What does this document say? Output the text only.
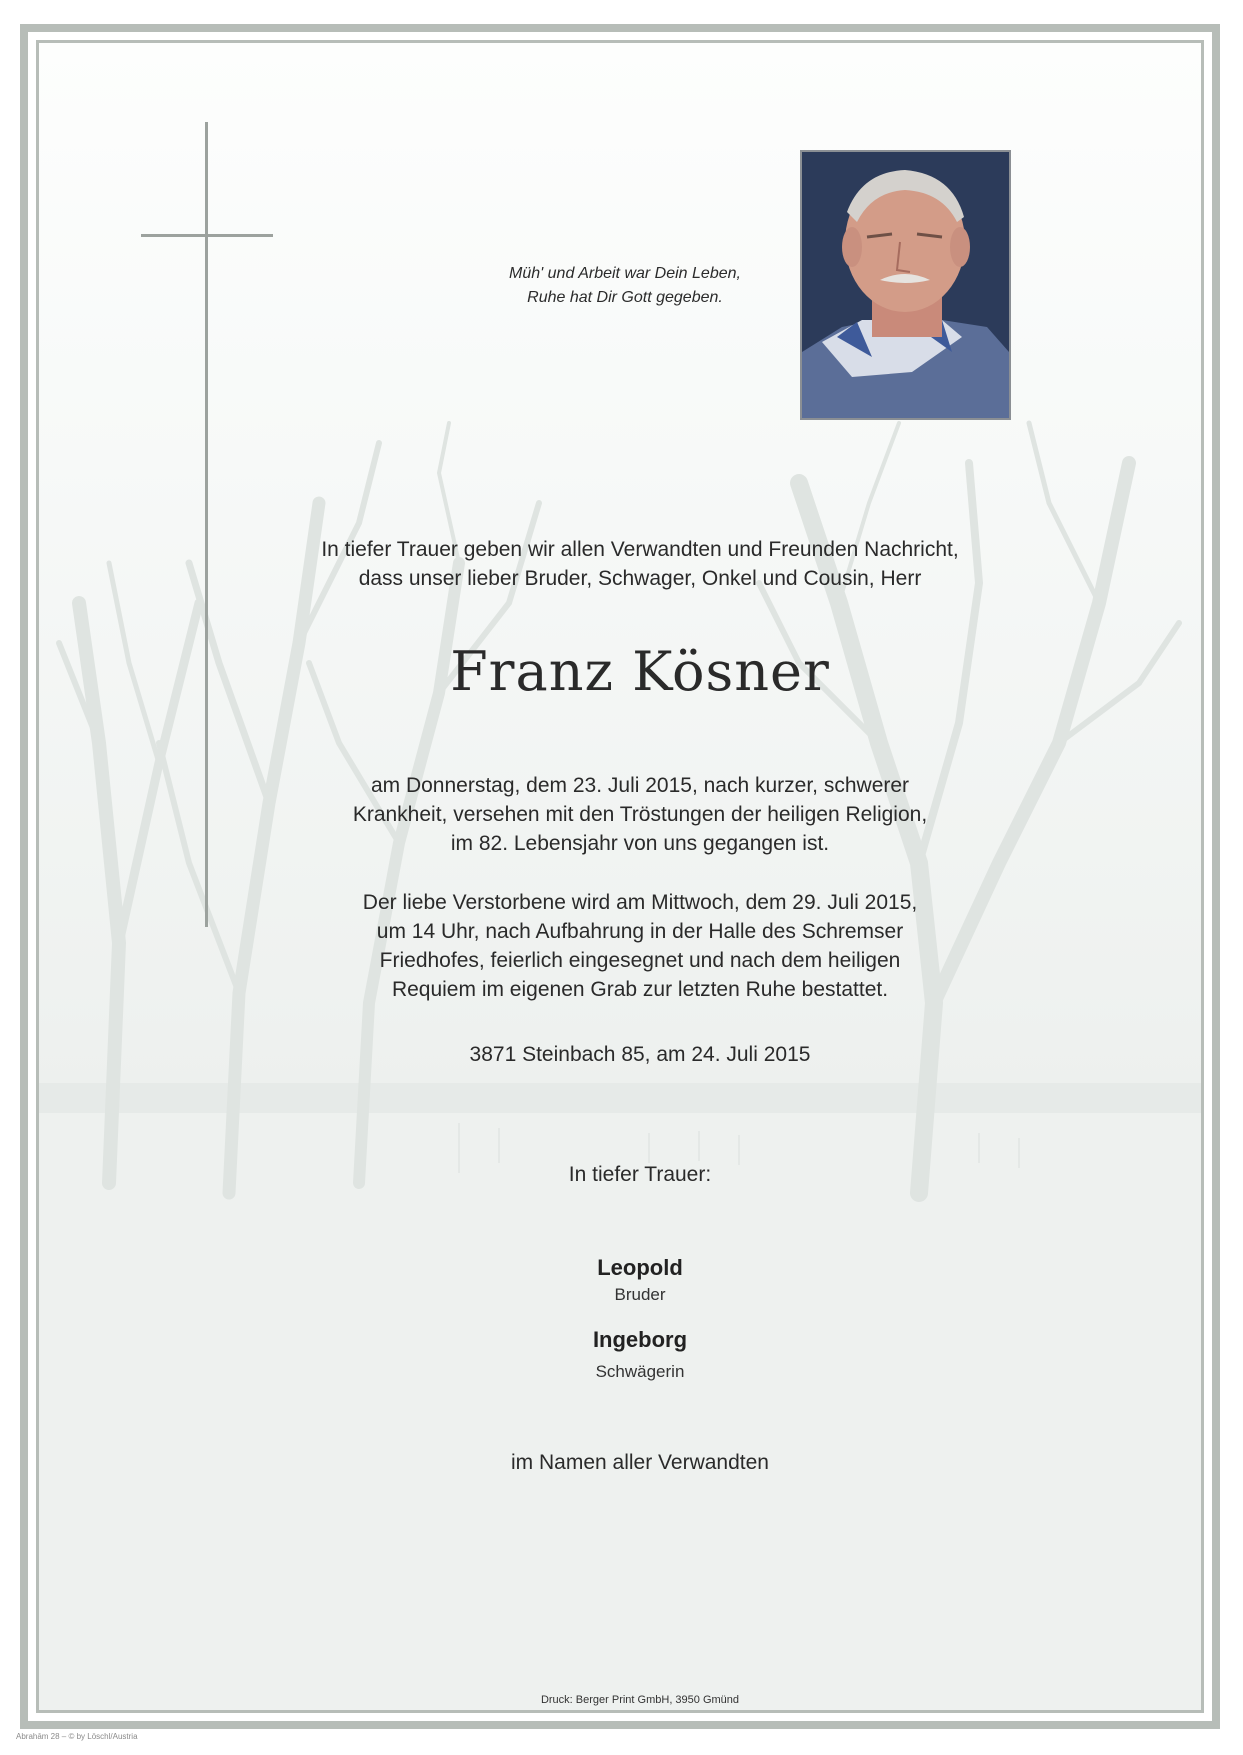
Müh' und Arbeit war Dein Leben,
Ruhe hat Dir Gott gegeben.
In tiefer Trauer geben wir allen Verwandten und Freunden Nachricht,
dass unser lieber Bruder, Schwager, Onkel und Cousin, Herr
Franz Kösner
am Donnerstag, dem 23. Juli 2015, nach kurzer, schwerer
Krankheit, versehen mit den Tröstungen der heiligen Religion,
im 82. Lebensjahr von uns gegangen ist.
Der liebe Verstorbene wird am Mittwoch, dem 29. Juli 2015,
um 14 Uhr, nach Aufbahrung in der Halle des Schremser
Friedhofes, feierlich eingesegnet und nach dem heiligen
Requiem im eigenen Grab zur letzten Ruhe bestattet.
3871 Steinbach 85, am 24. Juli 2015
In tiefer Trauer:
Leopold
Bruder
Ingeborg
Schwägerin
im Namen aller Verwandten
Druck: Berger Print GmbH, 3950 Gmünd
Abrahām 28 – © by Löschl/Austria
